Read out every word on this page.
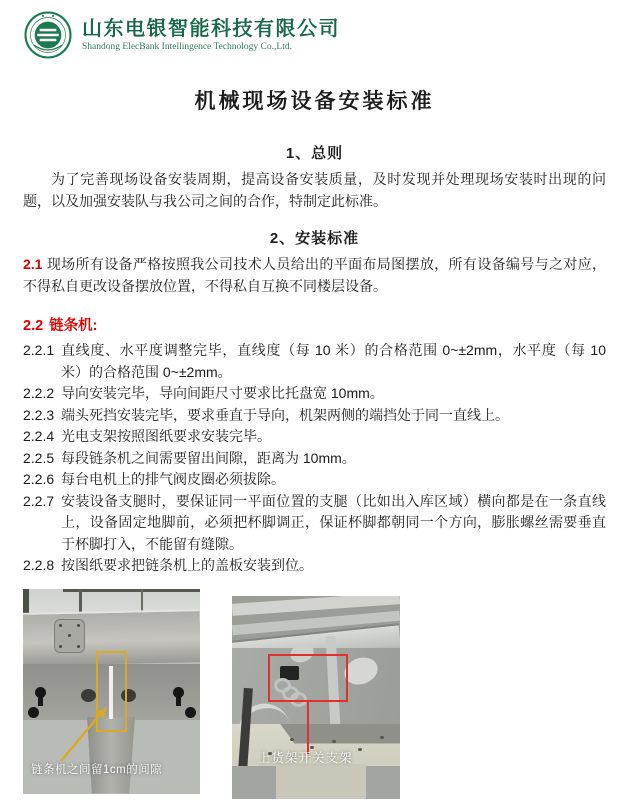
山东电银智能科技有限公司
Shandong ElecBank Intellingence Technology Co.,Ltd.
机械现场设备安装标准
1、总则

为了完善现场设备安装周期，提高设备安装质量，及时发现并处理现场安装时出现的问题，以及加强安装队与我公司之间的合作，特制定此标准。

2、安装标准

2.1 现场所有设备严格按照我公司技术人员给出的平面布局图摆放，所有设备编号与之对应，不得私自更改设备摆放位置，不得私自互换不同楼层设备。

2.2 链条机:
2.2.1 直线度、水平度调整完毕，直线度（每 10 米）的合格范围 0~±2mm，水平度（每 10 米）的合格范围 0~±2mm。
2.2.2 导向安装完毕，导向间距尺寸要求比托盘宽 10mm。
2.2.3 端头死挡安装完毕，要求垂直于导向，机架两侧的端挡处于同一直线上。
2.2.4 光电支架按照图纸要求安装完毕。
2.2.5 每段链条机之间需要留出间隙，距离为 10mm。
2.2.6 每台电机上的排气阀皮圈必须拔除。
2.2.7 安装设备支腿时，要保证同一平面位置的支腿（比如出入库区域）横向都是在一条直线上，设备固定地脚前，必须把杯脚调正，保证杯脚都朝同一个方向，膨胀螺丝需要垂直于杯脚打入，不能留有缝隙。
2.2.8 按图纸要求把链条机上的盖板安装到位。
链条机之间留1cm的间隙
上货架开关支架
